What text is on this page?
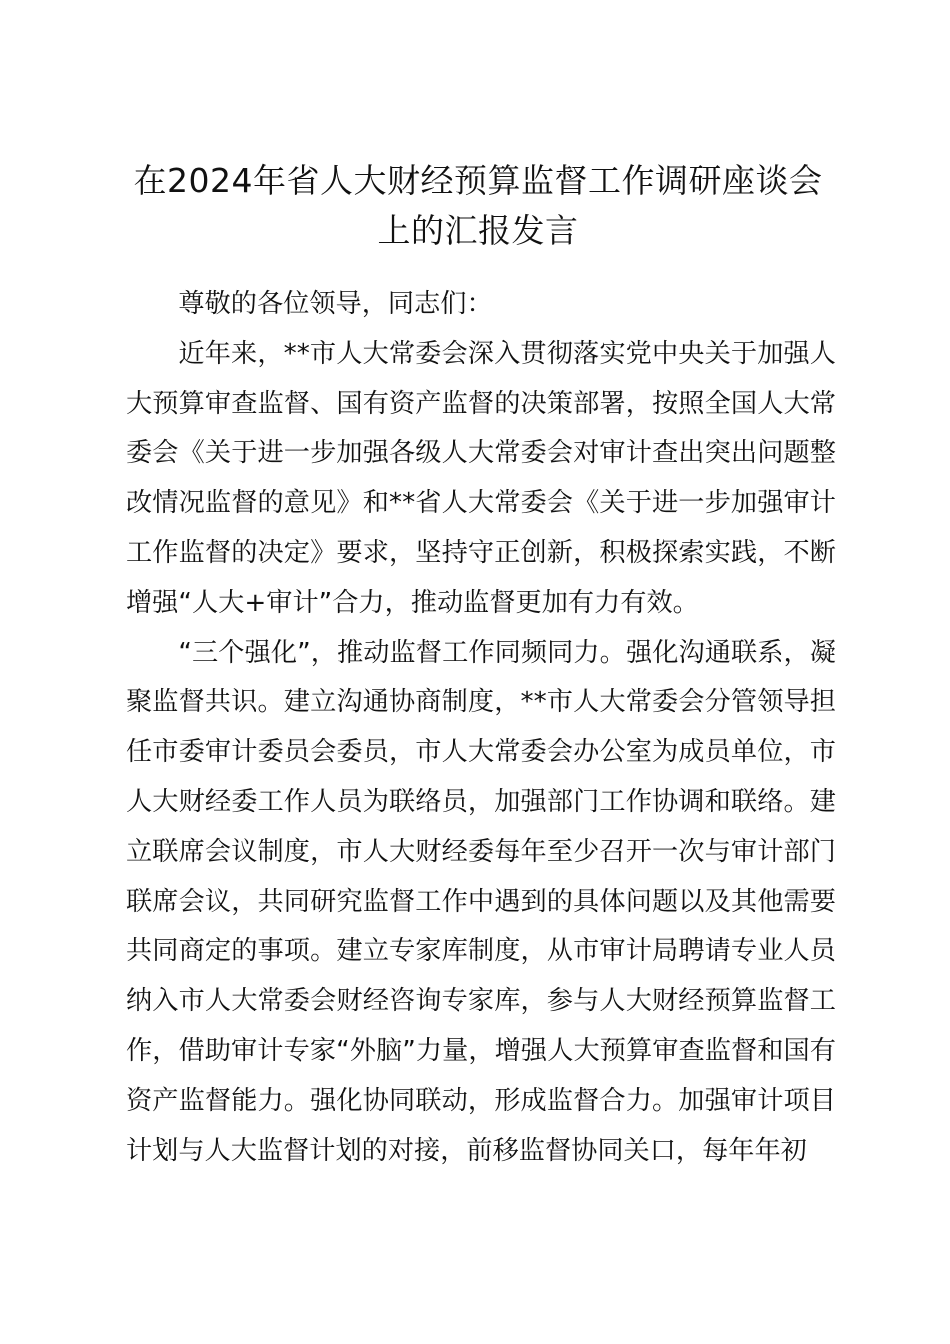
在2024年省人大财经预算监督工作调研座谈会上的汇报发言

尊敬的各位领导，同志们：

近年来，**市人大常委会深入贯彻落实党中央关于加强人大预算审查监督、国有资产监督的决策部署，按照全国人大常委会《关于进一步加强各级人大常委会对审计查出突出问题整改情况监督的意见》和**省人大常委会《关于进一步加强审计工作监督的决定》要求，坚持守正创新，积极探索实践，不断增强“人大+审计”合力，推动监督更加有力有效。

“三个强化”，推动监督工作同频同力。强化沟通联系，凝聚监督共识。建立沟通协商制度，**市人大常委会分管领导担任市委审计委员会委员，市人大常委会办公室为成员单位，市人大财经委工作人员为联络员，加强部门工作协调和联络。建立联席会议制度，市人大财经委每年至少召开一次与审计部门联席会议，共同研究监督工作中遇到的具体问题以及其他需要共同商定的事项。建立专家库制度，从市审计局聘请专业人员纳入市人大常委会财经咨询专家库，参与人大财经预算监督工作，借助审计专家“外脑”力量，增强人大预算审查监督和国有资产监督能力。强化协同联动，形成监督合力。加强审计项目计划与人大监督计划的对接，前移监督协同关口，每年年初
